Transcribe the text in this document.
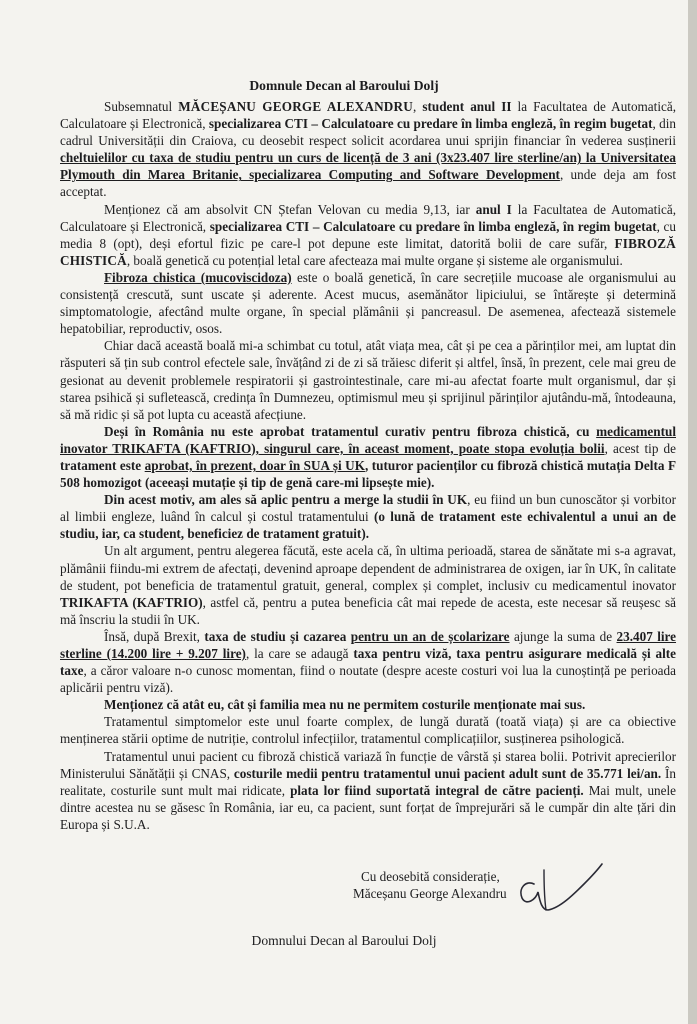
Domnule Decan al Baroului Dolj

Subsemnatul MĂCEȘANU GEORGE ALEXANDRU, student anul II la Facultatea de Automatică, Calculatoare și Electronică, specializarea CTI – Calculatoare cu predare în limba engleză, în regim bugetat, din cadrul Universității din Craiova, cu deosebit respect solicit acordarea unui sprijin financiar în vederea susținerii cheltuielilor cu taxa de studiu pentru un curs de licență de 3 ani (3x23.407 lire sterline/an) la Universitatea Plymouth din Marea Britanie, specializarea Computing and Software Development, unde deja am fost acceptat.

Menționez că am absolvit CN Ștefan Velovan cu media 9,13, iar anul I la Facultatea de Automatică, Calculatoare și Electronică, specializarea CTI – Calculatoare cu predare în limba engleză, în regim bugetat, cu media 8 (opt), deși efortul fizic pe care-l pot depune este limitat, datorită bolii de care sufăr, FIBROZĂ CHISTICĂ, boală genetică cu potențial letal care afecteaza mai multe organe și sisteme ale organismului.

Fibroza chistica (mucoviscidoza) este o boală genetică, în care secrețiile mucoase ale organismului au consistență crescută, sunt uscate și aderente. Acest mucus, asemănător lipiciului, se întărește și determină simptomatologie, afectând multe organe, în special plămânii și pancreasul. De asemenea, afectează sistemele hepatobiliar, reproductiv, osos.

Chiar dacă această boală mi-a schimbat cu totul, atât viața mea, cât și pe cea a părinților mei, am luptat din răsputeri să țin sub control efectele sale, învățând zi de zi să trăiesc diferit și altfel, însă, în prezent, cele mai greu de gesionat au devenit problemele respiratorii și gastrointestinale, care mi-au afectat foarte mult organismul, dar și starea psihică și sufletească, credința în Dumnezeu, optimismul meu și sprijinul părinților ajutându-mă, întodeauna, să mă ridic și să pot lupta cu această afecțiune.

Deși în România nu este aprobat tratamentul curativ pentru fibroza chistică, cu medicamentul inovator TRIKAFTA (KAFTRIO), singurul care, în aceast moment, poate stopa evoluția bolii, acest tip de tratament este aprobat, în prezent, doar în SUA și UK, tuturor pacienților cu fibroză chistică mutația Delta F 508 homozigot (aceeași mutație și tip de genă care-mi lipsește mie).

Din acest motiv, am ales să aplic pentru a merge la studii în UK, eu fiind un bun cunoscător și vorbitor al limbii engleze, luând în calcul și costul tratamentului (o lună de tratament este echivalentul a unui an de studiu, iar, ca student, beneficiez de tratament gratuit).

Un alt argument, pentru alegerea făcută, este acela că, în ultima perioadă, starea de sănătate mi s-a agravat, plămânii fiindu-mi extrem de afectați, devenind aproape dependent de administrarea de oxigen, iar în UK, în calitate de student, pot beneficia de tratamentul gratuit, general, complex și complet, inclusiv cu medicamentul inovator TRIKAFTA (KAFTRIO), astfel că, pentru a putea beneficia cât mai repede de acesta, este necesar să reușesc să mă înscriu la studii în UK.

Însă, după Brexit, taxa de studiu și cazarea pentru un an de școlarizare ajunge la suma de 23.407 lire sterline (14.200 lire + 9.207 lire), la care se adaugă taxa pentru viză, taxa pentru asigurare medicală și alte taxe, a căror valoare n-o cunosc momentan, fiind o noutate (despre aceste costuri voi lua la cunoștință pe perioada aplicării pentru viză).

Menționez că atât eu, cât și familia mea nu ne permitem costurile menționate mai sus.

Tratamentul simptomelor este unul foarte complex, de lungă durată (toată viața) și are ca obiective menținerea stării optime de nutriție, controlul infecțiilor, tratamentul complicațiilor, susținerea psihologică.

Tratamentul unui pacient cu fibroză chistică variază în funcție de vârstă și starea bolii. Potrivit aprecierilor Ministerului Sănătății și CNAS, costurile medii pentru tratamentul unui pacient adult sunt de 35.771 lei/an. În realitate, costurile sunt mult mai ridicate, plata lor fiind suportată integral de către pacienți. Mai mult, unele dintre acestea nu se găsesc în România, iar eu, ca pacient, sunt forțat de împrejurări să le cumpăr din alte țări din Europa și S.U.A.

Cu deosebită considerație,
Măceșanu George Alexandru
Domnului Decan al Baroului Dolj
